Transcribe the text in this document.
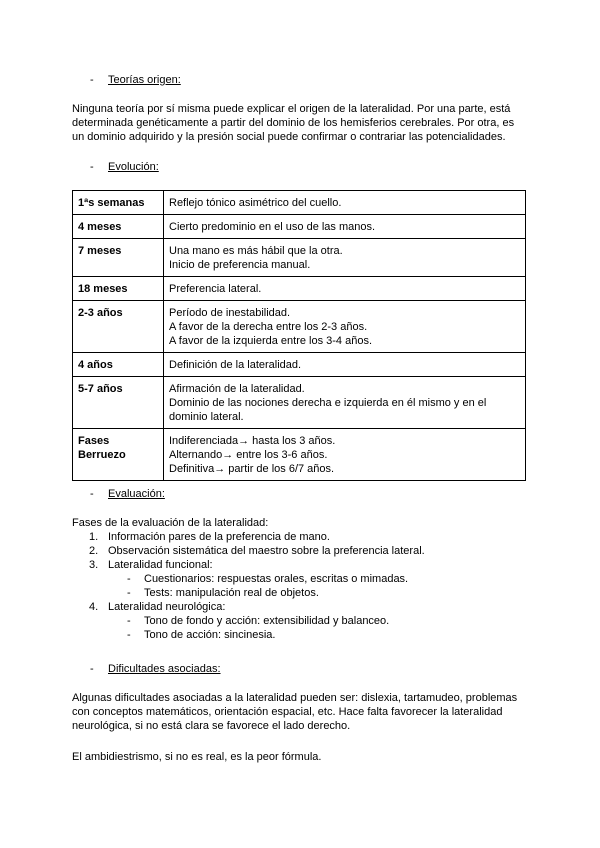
- Teorías origen:
Ninguna teoría por sí misma puede explicar el origen de la lateralidad. Por una parte, está determinada genéticamente a partir del dominio de los hemisferios cerebrales. Por otra, es un dominio adquirido y la presión social puede confirmar o contrariar las potencialidades.
- Evolución:
1ªs semanas	Reflejo tónico asimétrico del cuello.

4 meses	Cierto predominio en el uso de las manos.

7 meses	Una mano es más hábil que la otra.
Inicio de preferencia manual.

18 meses	Preferencia lateral.

2-3 años	Período de inestabilidad.
A favor de la derecha entre los 2-3 años.
A favor de la izquierda entre los 3-4 años.

4 años	Definición de la lateralidad.

5-7 años	Afirmación de la lateralidad.
Dominio de las nociones derecha e izquierda en él mismo y en el dominio lateral.

Fases Berruezo	Indiferenciada→ hasta los 3 años.
Alternando→ entre los 3-6 años.
Definitiva→ partir de los 6/7 años.
- Evaluación:
Fases de la evaluación de la lateralidad:
1. Información pares de la preferencia de mano.
2. Observación sistemática del maestro sobre la preferencia lateral.
3. Lateralidad funcional:
- Cuestionarios: respuestas orales, escritas o mimadas.
- Tests: manipulación real de objetos.
4. Lateralidad neurológica:
- Tono de fondo y acción: extensibilidad y balanceo.
- Tono de acción: sincinesia.
- Dificultades asociadas:
Algunas dificultades asociadas a la lateralidad pueden ser: dislexia, tartamudeo, problemas con conceptos matemáticos, orientación espacial, etc. Hace falta favorecer la lateralidad neurológica, si no está clara se favorece el lado derecho.
El ambidiestrismo, si no es real, es la peor fórmula.
